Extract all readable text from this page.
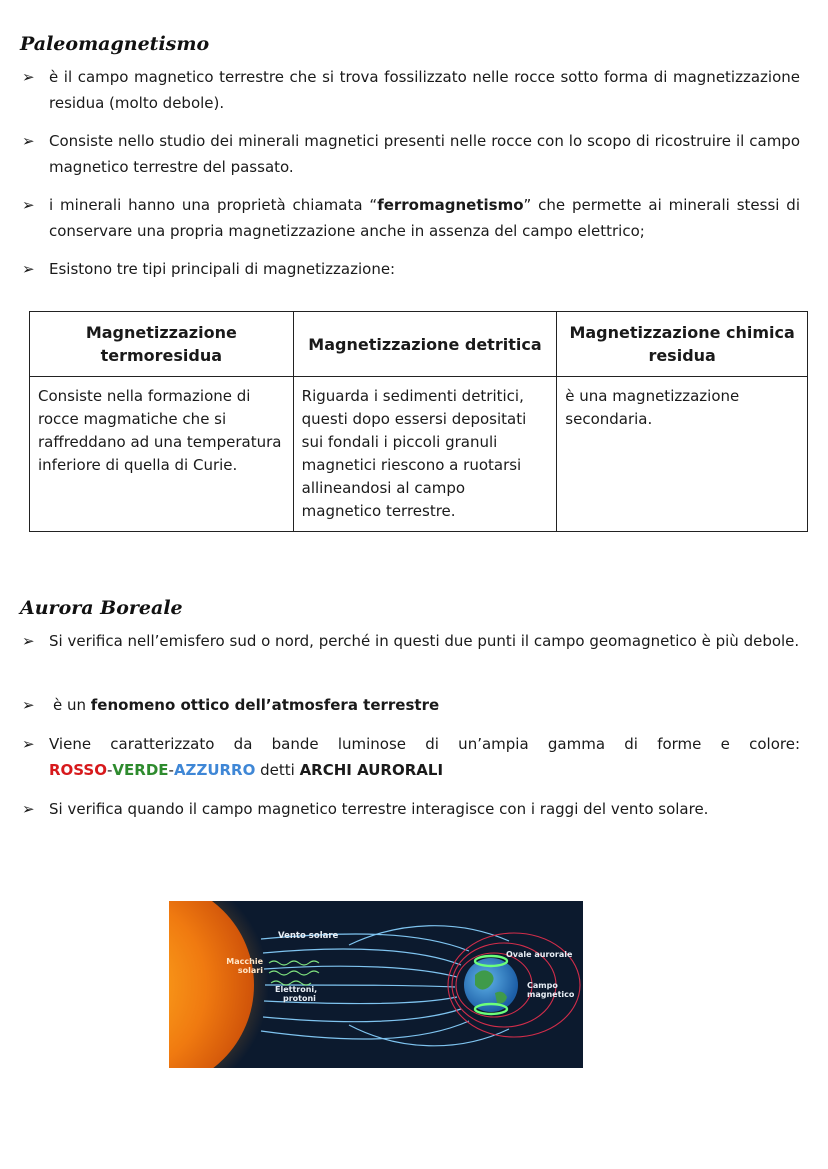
Paleomagnetismo
➢ è il campo magnetico terrestre che si trova fossilizzato nelle rocce sotto forma di magnetizzazione residua (molto debole).
➢ Consiste nello studio dei minerali magnetici presenti nelle rocce con lo scopo di ricostruire il campo magnetico terrestre del passato.
➢ i minerali hanno una proprietà chiamata “ferromagnetismo” che permette ai minerali stessi di conservare una propria magnetizzazione anche in assenza del campo elettrico;
➢ Esistono tre tipi principali di magnetizzazione:
Magnetizzazione termoresidua	Magnetizzazione detritica	Magnetizzazione chimica residua
Consiste nella formazione di rocce magmatiche che si raffreddano ad una temperatura inferiore di quella di Curie.	Riguarda i sedimenti detritici, questi dopo essersi depositati sui fondali i piccoli granuli magnetici riescono a ruotarsi allineandosi al campo magnetico terrestre.	è una magnetizzazione secondaria.
Aurora Boreale
➢ Si verifica nell’emisfero sud o nord, perché in questi due punti il campo geomagnetico è più debole.
➢	è un fenomeno ottico dell’atmosfera terrestre
➢ Viene caratterizzato da bande luminose di un’ampia gamma di forme e colore:
ROSSO-VERDE-AZZURRO detti ARCHI AURORALI
➢ Si verifica quando il campo magnetico terrestre interagisce con i raggi del vento solare.
Vento solare
Macchie
solari
Elettroni,
protoni
Ovale aurorale
Campo
magnetico
